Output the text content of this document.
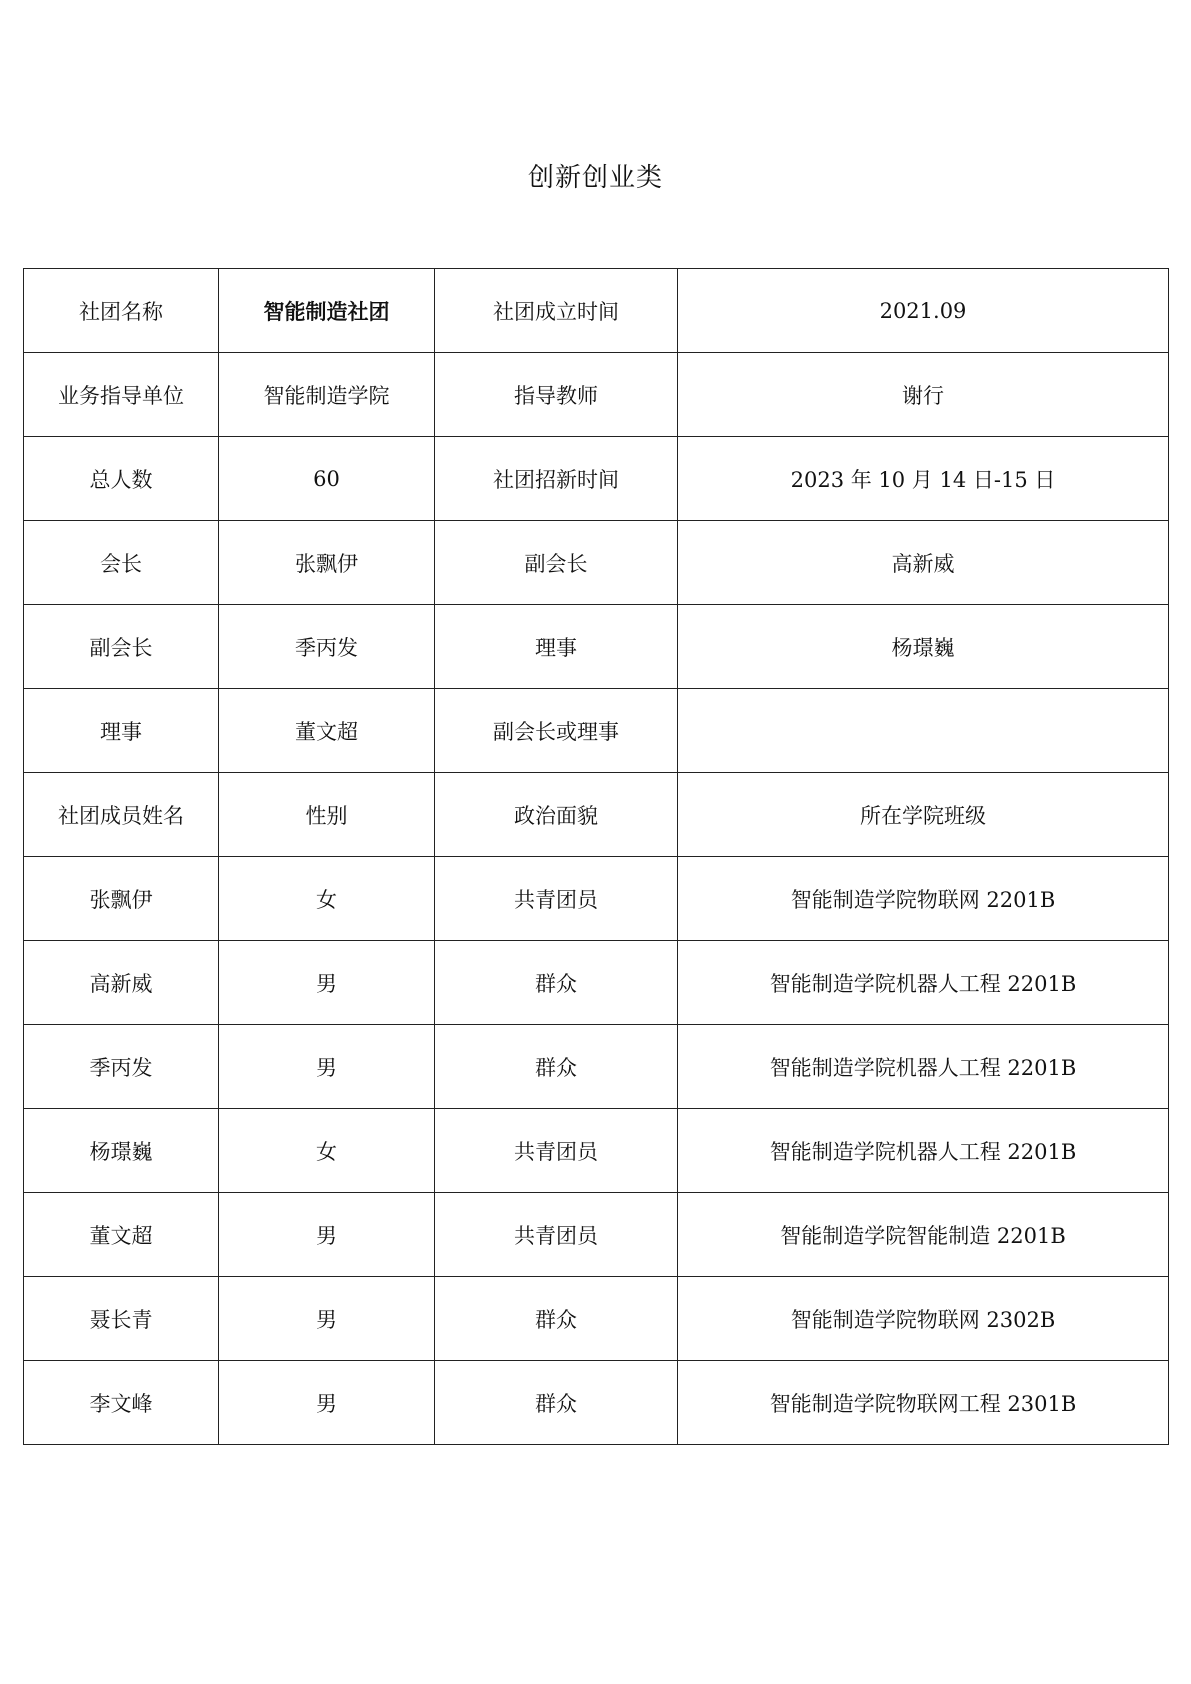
创新创业类
社团名称	智能制造社团	社团成立时间	2021.09
业务指导单位	智能制造学院	指导教师	谢行
总人数	60	社团招新时间	2023 年 10 月 14 日-15 日
会长	张飘伊	副会长	高新威
副会长	季丙发	理事	杨璟巍
理事	董文超	副会长或理事	
社团成员姓名	性别	政治面貌	所在学院班级
张飘伊	女	共青团员	智能制造学院物联网 2201B
高新威	男	群众	智能制造学院机器人工程 2201B
季丙发	男	群众	智能制造学院机器人工程 2201B
杨璟巍	女	共青团员	智能制造学院机器人工程 2201B
董文超	男	共青团员	智能制造学院智能制造 2201B
聂长青	男	群众	智能制造学院物联网 2302B
李文峰	男	群众	智能制造学院物联网工程 2301B
